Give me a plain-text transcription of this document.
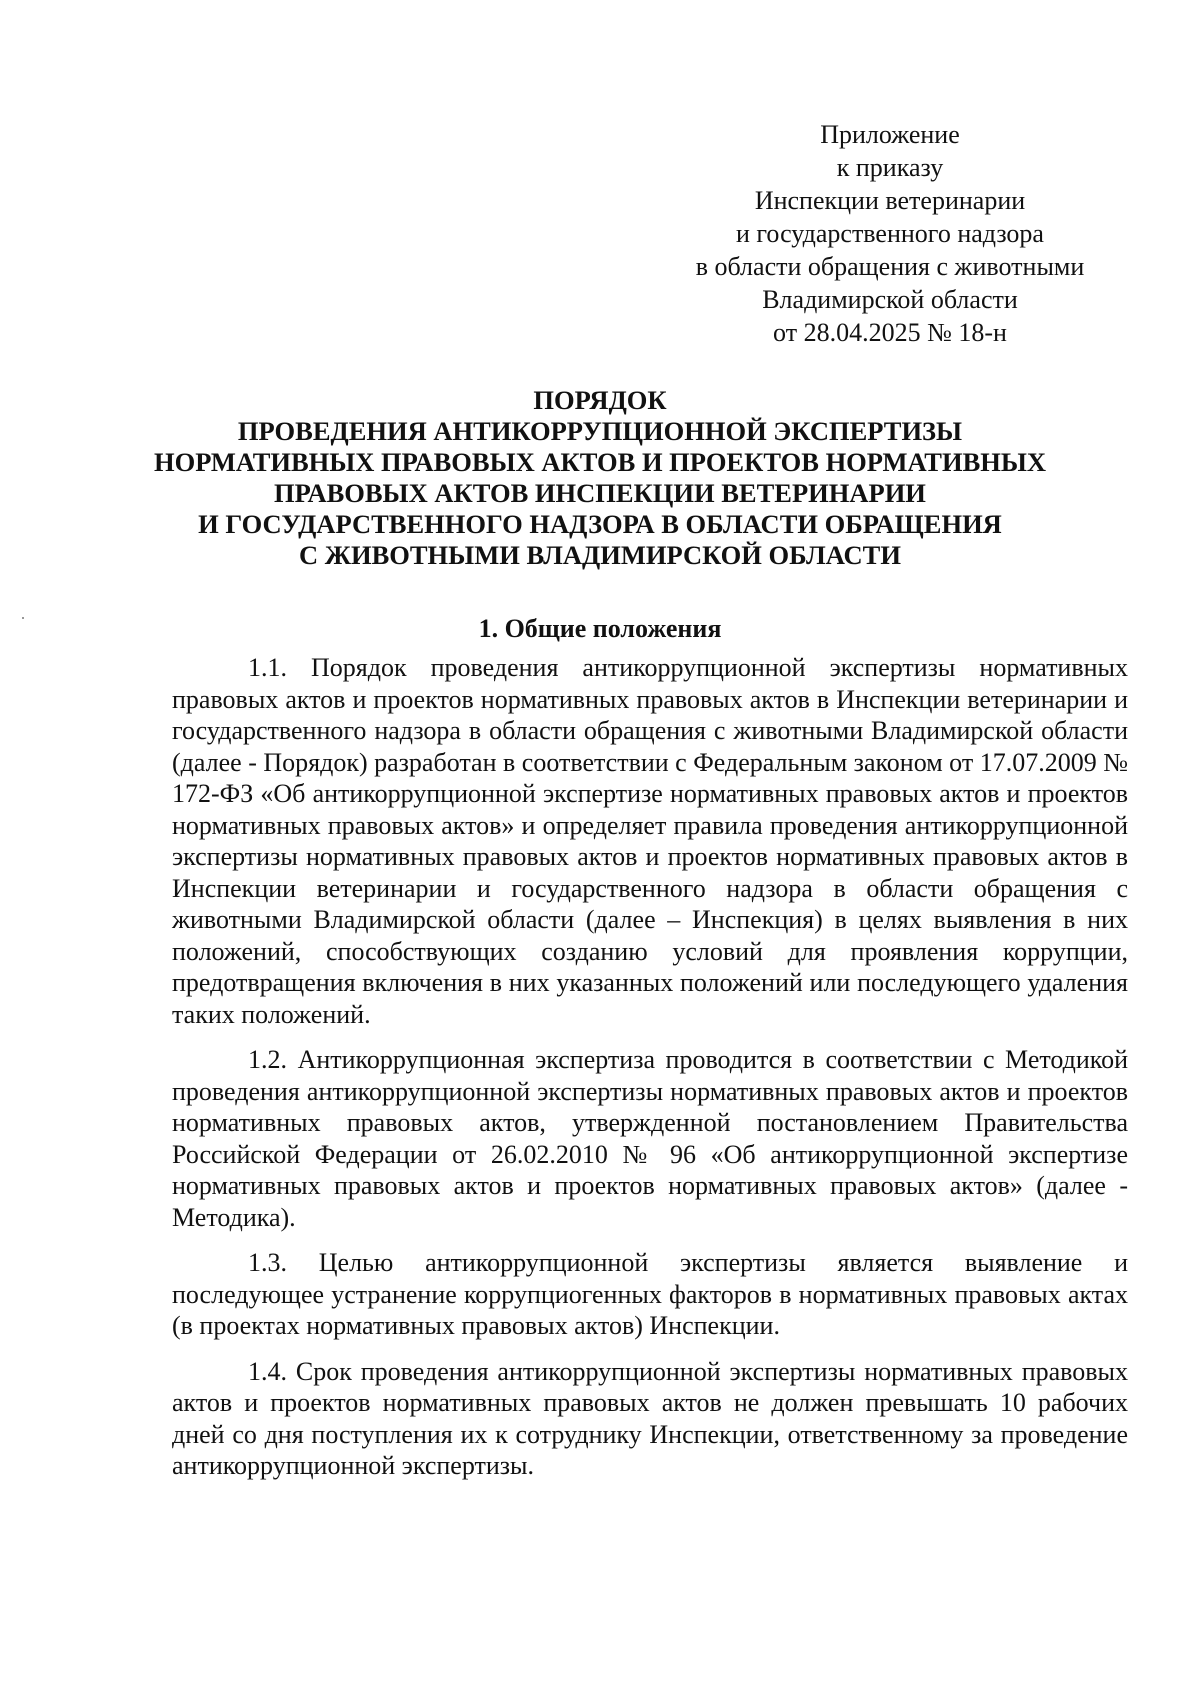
Приложение
к приказу
Инспекции ветеринарии
и государственного надзора
в области обращения с животными
Владимирской области
от 28.04.2025 № 18-н
ПОРЯДОК
ПРОВЕДЕНИЯ АНТИКОРРУПЦИОННОЙ ЭКСПЕРТИЗЫ
НОРМАТИВНЫХ ПРАВОВЫХ АКТОВ И ПРОЕКТОВ НОРМАТИВНЫХ
ПРАВОВЫХ АКТОВ ИНСПЕКЦИИ ВЕТЕРИНАРИИ
И ГОСУДАРСТВЕННОГО НАДЗОРА В ОБЛАСТИ ОБРАЩЕНИЯ
С ЖИВОТНЫМИ ВЛАДИМИРСКОЙ ОБЛАСТИ
1. Общие положения

1.1. Порядок проведения антикоррупционной экспертизы нормативных правовых актов и проектов нормативных правовых актов в Инспекции ветеринарии и государственного надзора в области обращения с животными Владимирской области (далее - Порядок) разработан в соответствии с Федеральным законом от 17.07.2009 № 172-ФЗ «Об антикоррупционной экспертизе нормативных правовых актов и проектов нормативных правовых актов» и определяет правила проведения антикоррупционной экспертизы нормативных правовых актов и проектов нормативных правовых актов в Инспекции ветеринарии и государственного надзора в области обращения с животными Владимирской области (далее – Инспекция) в целях выявления в них положений, способствующих созданию условий для проявления коррупции, предотвращения включения в них указанных положений или последующего удаления таких положений.

1.2. Антикоррупционная экспертиза проводится в соответствии с Методикой проведения антикоррупционной экспертизы нормативных правовых актов и проектов нормативных правовых актов, утвержденной постановлением Правительства Российской Федерации от 26.02.2010 № 96 «Об антикоррупционной экспертизе нормативных правовых актов и проектов нормативных правовых актов» (далее - Методика).

1.3. Целью антикоррупционной экспертизы является выявление и последующее устранение коррупциогенных факторов в нормативных правовых актах (в проектах нормативных правовых актов) Инспекции.

1.4. Срок проведения антикоррупционной экспертизы нормативных правовых актов и проектов нормативных правовых актов не должен превышать 10 рабочих дней со дня поступления их к сотруднику Инспекции, ответственному за проведение антикоррупционной экспертизы.
